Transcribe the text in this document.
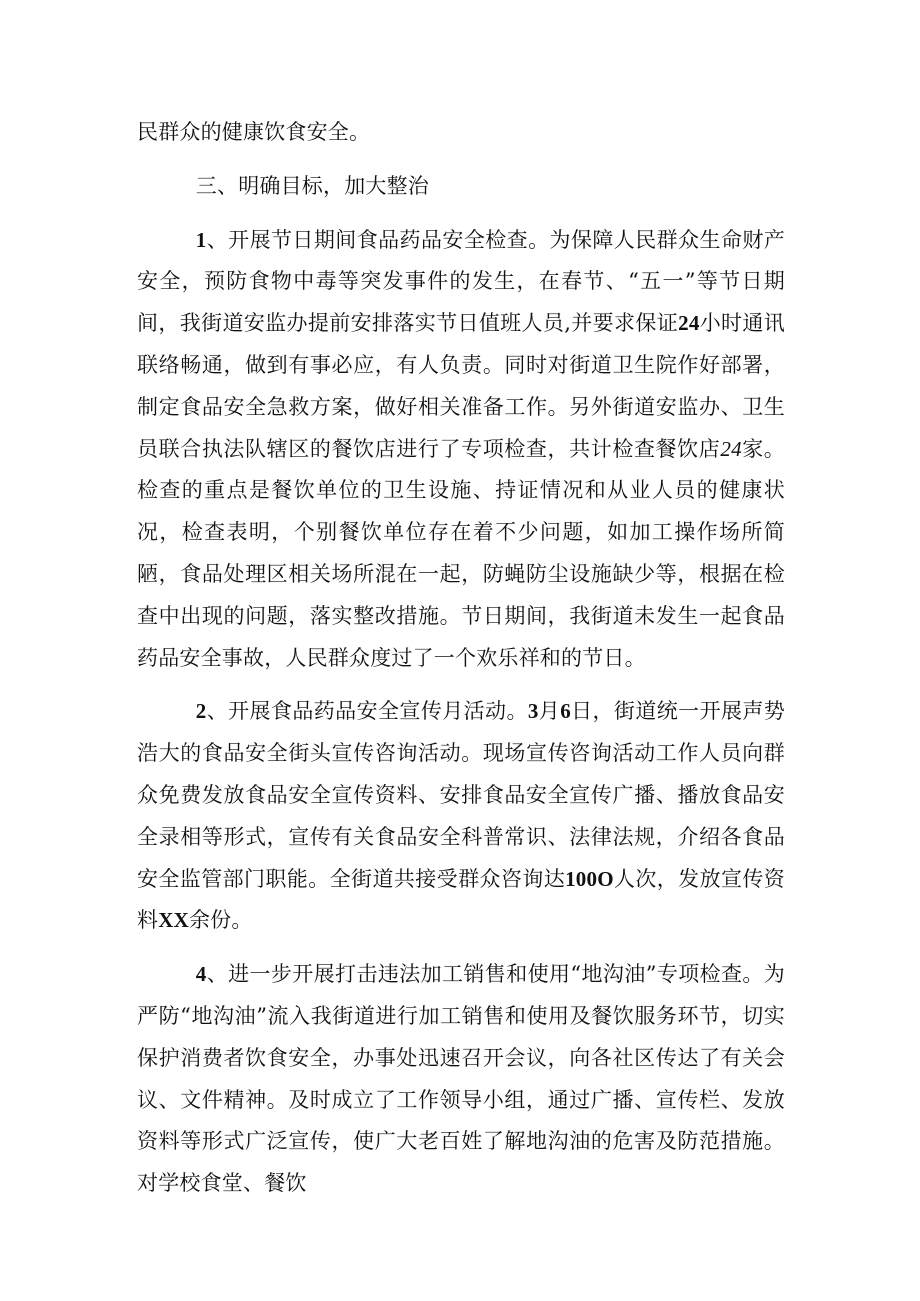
民群众的健康饮食安全。

三、明确目标，加大整治

1、开展节日期间食品药品安全检查。为保障人民群众生命财产安全，预防食物中毒等突发事件的发生，在春节、“五一”等节日期间，我街道安监办提前安排落实节日值班人员,并要求保证24小时通讯联络畅通，做到有事必应，有人负责。同时对街道卫生院作好部署，制定食品安全急救方案，做好相关准备工作。另外街道安监办、卫生员联合执法队辖区的餐饮店进行了专项检查，共计检查餐饮店24家。检查的重点是餐饮单位的卫生设施、持证情况和从业人员的健康状况，检查表明，个别餐饮单位存在着不少问题，如加工操作场所简陋，食品处理区相关场所混在一起，防蝇防尘设施缺少等，根据在检查中出现的问题，落实整改措施。节日期间，我街道未发生一起食品药品安全事故，人民群众度过了一个欢乐祥和的节日。

2、开展食品药品安全宣传月活动。3月6日，街道统一开展声势浩大的食品安全街头宣传咨询活动。现场宣传咨询活动工作人员向群众免费发放食品安全宣传资料、安排食品安全宣传广播、播放食品安全录相等形式，宣传有关食品安全科普常识、法律法规，介绍各食品安全监管部门职能。全街道共接受群众咨询达100O人次，发放宣传资料XX余份。

4、进一步开展打击违法加工销售和使用“地沟油”专项检查。为严防“地沟油”流入我街道进行加工销售和使用及餐饮服务环节，切实保护消费者饮食安全，办事处迅速召开会议，向各社区传达了有关会议、文件精神。及时成立了工作领导小组，通过广播、宣传栏、发放资料等形式广泛宣传，使广大老百姓了解地沟油的危害及防范措施。对学校食堂、餐饮
